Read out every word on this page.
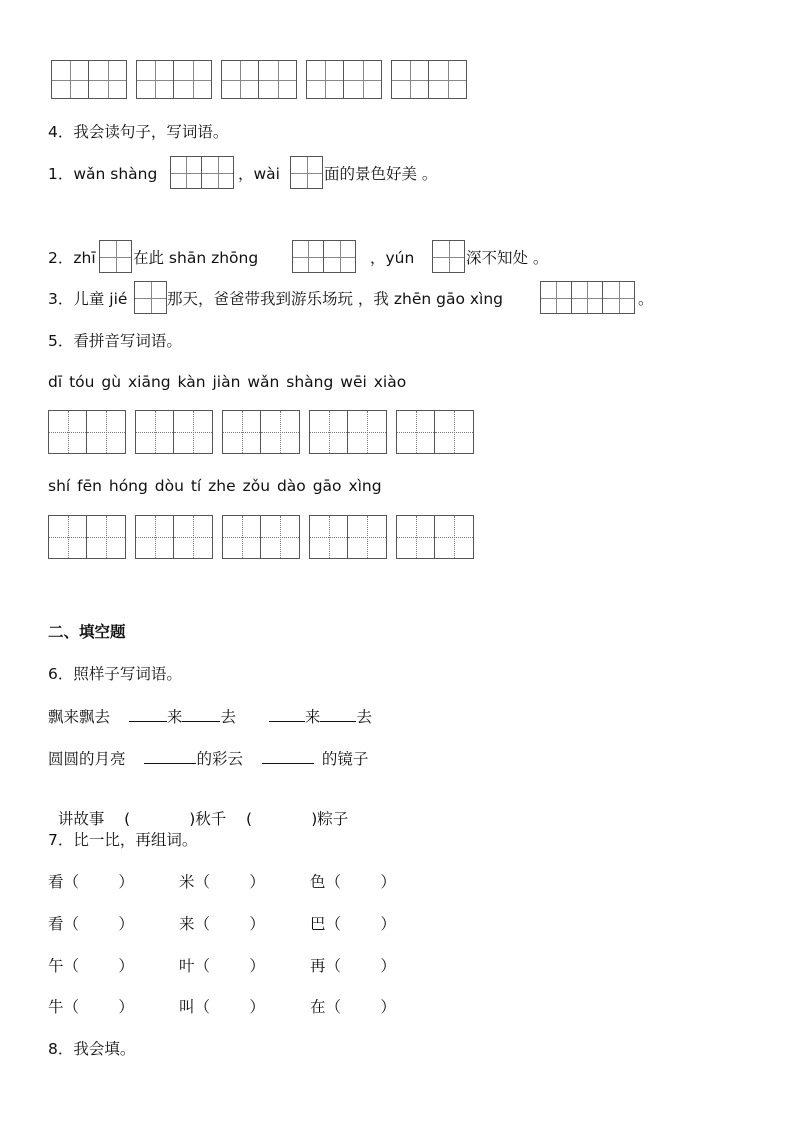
4．我会读句子，写词语。
1．wǎn shàng	，wài	面的景色好美 。
2．zhī 在此 shān zhōng	，yún	深不知处 。
3．儿童 jié	那天，爸爸带我到游乐场玩 ，我 zhēn gāo xìng	。
5．看拼音写词语。
dī tóu gù xiāng kàn jiàn wǎn shàng wēi xiào
shí fēn hóng dòu tí zhe zǒu dào gāo xìng
二、填空题
6．照样子写词语。
飘来飘去	来 去	来 去
圆圆的月亮	的彩云	的镜子

讲故事 (            )秋千 (            )粽子

7．比一比，再组词。
看（        ）	米（        ）	色（        ）
看（        ）	来（        ）	巴（        ）
午（        ）	叶（        ）	再（        ）
牛（        ）	叫（        ）	在（        ）
8．我会填。
